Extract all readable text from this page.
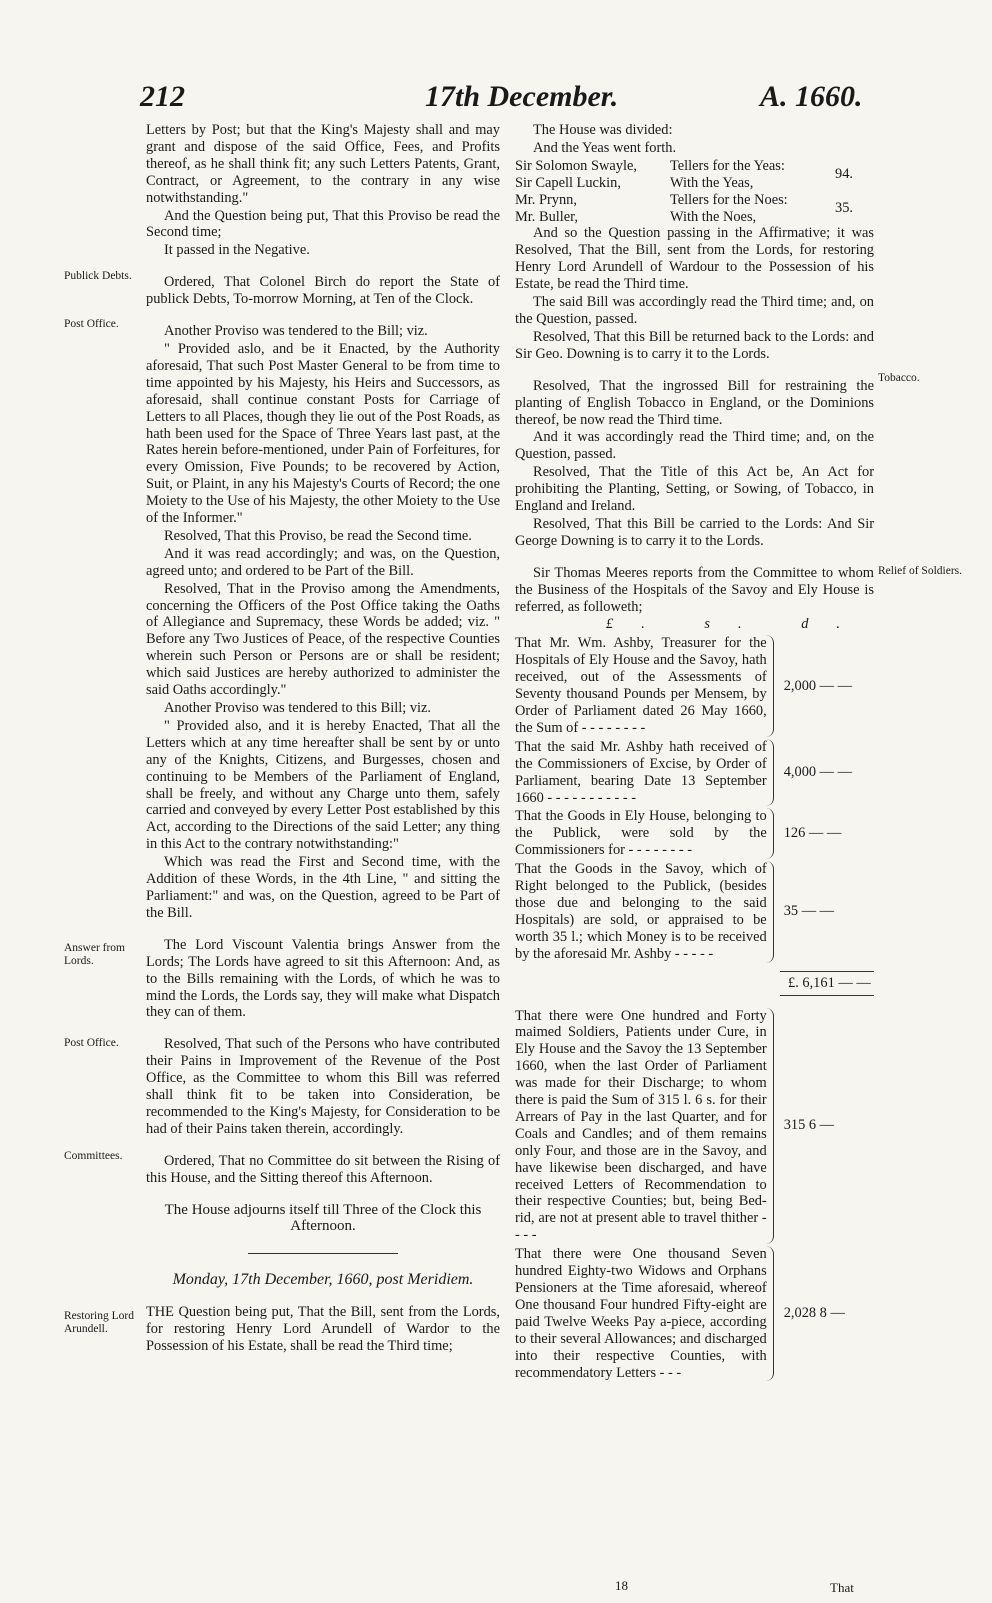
212	17th December.	A. 1660.
Publick Debts.
Post Office.
Answer from Lords.
Post Office.
Committees.
Restoring Lord Arundell.
Tobacco.
Relief of Soldiers.

Letters by Post; but that the King's Majesty shall and may grant and dispose of the said Office, Fees, and Profits thereof, as he shall think fit; any such Letters Patents, Grant, Contract, or Agreement, to the contrary in any wise notwithstanding."

And the Question being put, That this Proviso be read the Second time;

It passed in the Negative.

Ordered, That Colonel Birch do report the State of publick Debts, To-morrow Morning, at Ten of the Clock.

Another Proviso was tendered to the Bill; viz.

" Provided aslo, and be it Enacted, by the Authority aforesaid, That such Post Master General to be from time to time appointed by his Majesty, his Heirs and Successors, as aforesaid, shall continue constant Posts for Carriage of Letters to all Places, though they lie out of the Post Roads, as hath been used for the Space of Three Years last past, at the Rates herein before-mentioned, under Pain of Forfeitures, for every Omission, Five Pounds; to be recovered by Action, Suit, or Plaint, in any his Majesty's Courts of Record; the one Moiety to the Use of his Majesty, the other Moiety to the Use of the Informer."

Resolved, That this Proviso, be read the Second time.

And it was read accordingly; and was, on the Question, agreed unto; and ordered to be Part of the Bill.

Resolved, That in the Proviso among the Amendments, concerning the Officers of the Post Office taking the Oaths of Allegiance and Supremacy, these Words be added; viz. " Before any Two Justices of Peace, of the respective Counties wherein such Person or Persons are or shall be resident; which said Justices are hereby authorized to administer the said Oaths accordingly."

Another Proviso was tendered to this Bill; viz.

" Provided also, and it is hereby Enacted, That all the Letters which at any time hereafter shall be sent by or unto any of the Knights, Citizens, and Burgesses, chosen and continuing to be Members of the Parliament of England, shall be freely, and without any Charge unto them, safely carried and conveyed by every Letter Post established by this Act, according to the Directions of the said Letter; any thing in this Act to the contrary notwithstanding:"

Which was read the First and Second time, with the Addition of these Words, in the 4th Line, " and sitting the Parliament:" and was, on the Question, agreed to be Part of the Bill.

The Lord Viscount Valentia brings Answer from the Lords; The Lords have agreed to sit this Afternoon: And, as to the Bills remaining with the Lords, of which he was to mind the Lords, the Lords say, they will make what Dispatch they can of them.

Resolved, That such of the Persons who have contributed their Pains in Improvement of the Revenue of the Post Office, as the Committee to whom this Bill was referred shall think fit to be taken into Consideration, be recommended to the King's Majesty, for Consideration to be had of their Pains taken therein, accordingly.

Ordered, That no Committee do sit between the Rising of this House, and the Sitting thereof this Afternoon.

The House adjourns itself till Three of the Clock this Afternoon.

Monday, 17th December, 1660, post Meridiem.

THE Question being put, That the Bill, sent from the Lords, for restoring Henry Lord Arundell of Wardor to the Possession of his Estate, shall be read the Third time;

The House was divided:

And the Yeas went forth.

Sir Solomon Swayle,	Tellers for the Yeas:
94.
Sir Capell Luckin,	With the Yeas,
Mr. Prynn,	Tellers for the Noes:
35.
Mr. Buller,	With the Noes,

And so the Question passing in the Affirmative; it was Resolved, That the Bill, sent from the Lords, for restoring Henry Lord Arundell of Wardour to the Possession of his Estate, be read the Third time.

The said Bill was accordingly read the Third time; and, on the Question, passed.

Resolved, That this Bill be returned back to the Lords: and Sir Geo. Downing is to carry it to the Lords.

Resolved, That the ingrossed Bill for restraining the planting of English Tobacco in England, or the Dominions thereof, be now read the Third time.

And it was accordingly read the Third time; and, on the Question, passed.

Resolved, That the Title of this Act be, An Act for prohibiting the Planting, Setting, or Sowing, of Tobacco, in England and Ireland.

Resolved, That this Bill be carried to the Lords: And Sir George Downing is to carry it to the Lords.

Sir Thomas Meeres reports from the Committee to whom the Business of the Hospitals of the Savoy and Ely House is referred, as followeth;

£. s. d.
That Mr. Wm. Ashby, Treasurer for the Hospitals of Ely House and the Savoy, hath received, out of the Assessments of Seventy thousand Pounds per Mensem, by Order of Parliament dated 26 May 1660, the Sum of - - - - - - - -
2,000 — —
That the said Mr. Ashby hath received of the Commissioners of Excise, by Order of Parliament, bearing Date 13 September 1660 - - - - - - - - - - -
4,000 — —
That the Goods in Ely House, belonging to the Publick, were sold by the Commissioners for - - - - - - - -
126 — —
That the Goods in the Savoy, which of Right belonged to the Publick, (besides those due and belonging to the said Hospitals) are sold, or appraised to be worth 35 l.; which Money is to be received by the aforesaid Mr. Ashby - - - - -
35 — —
£. 6,161 — —
That there were One hundred and Forty maimed Soldiers, Patients under Cure, in Ely House and the Savoy the 13 September 1660, when the last Order of Parliament was made for their Discharge; to whom there is paid the Sum of 315 l. 6 s. for their Arrears of Pay in the last Quarter, and for Coals and Candles; and of them remains only Four, and those are in the Savoy, and have likewise been discharged, and have received Letters of Recommendation to their respective Counties; but, being Bed-rid, are not at present able to travel thither - - - -
315 6 —
That there were One thousand Seven hundred Eighty-two Widows and Orphans Pensioners at the Time aforesaid, whereof One thousand Four hundred Fifty-eight are paid Twelve Weeks Pay a-piece, according to their several Allowances; and discharged into their respective Counties, with recommendatory Letters - - -
2,028 8 —
18	That
